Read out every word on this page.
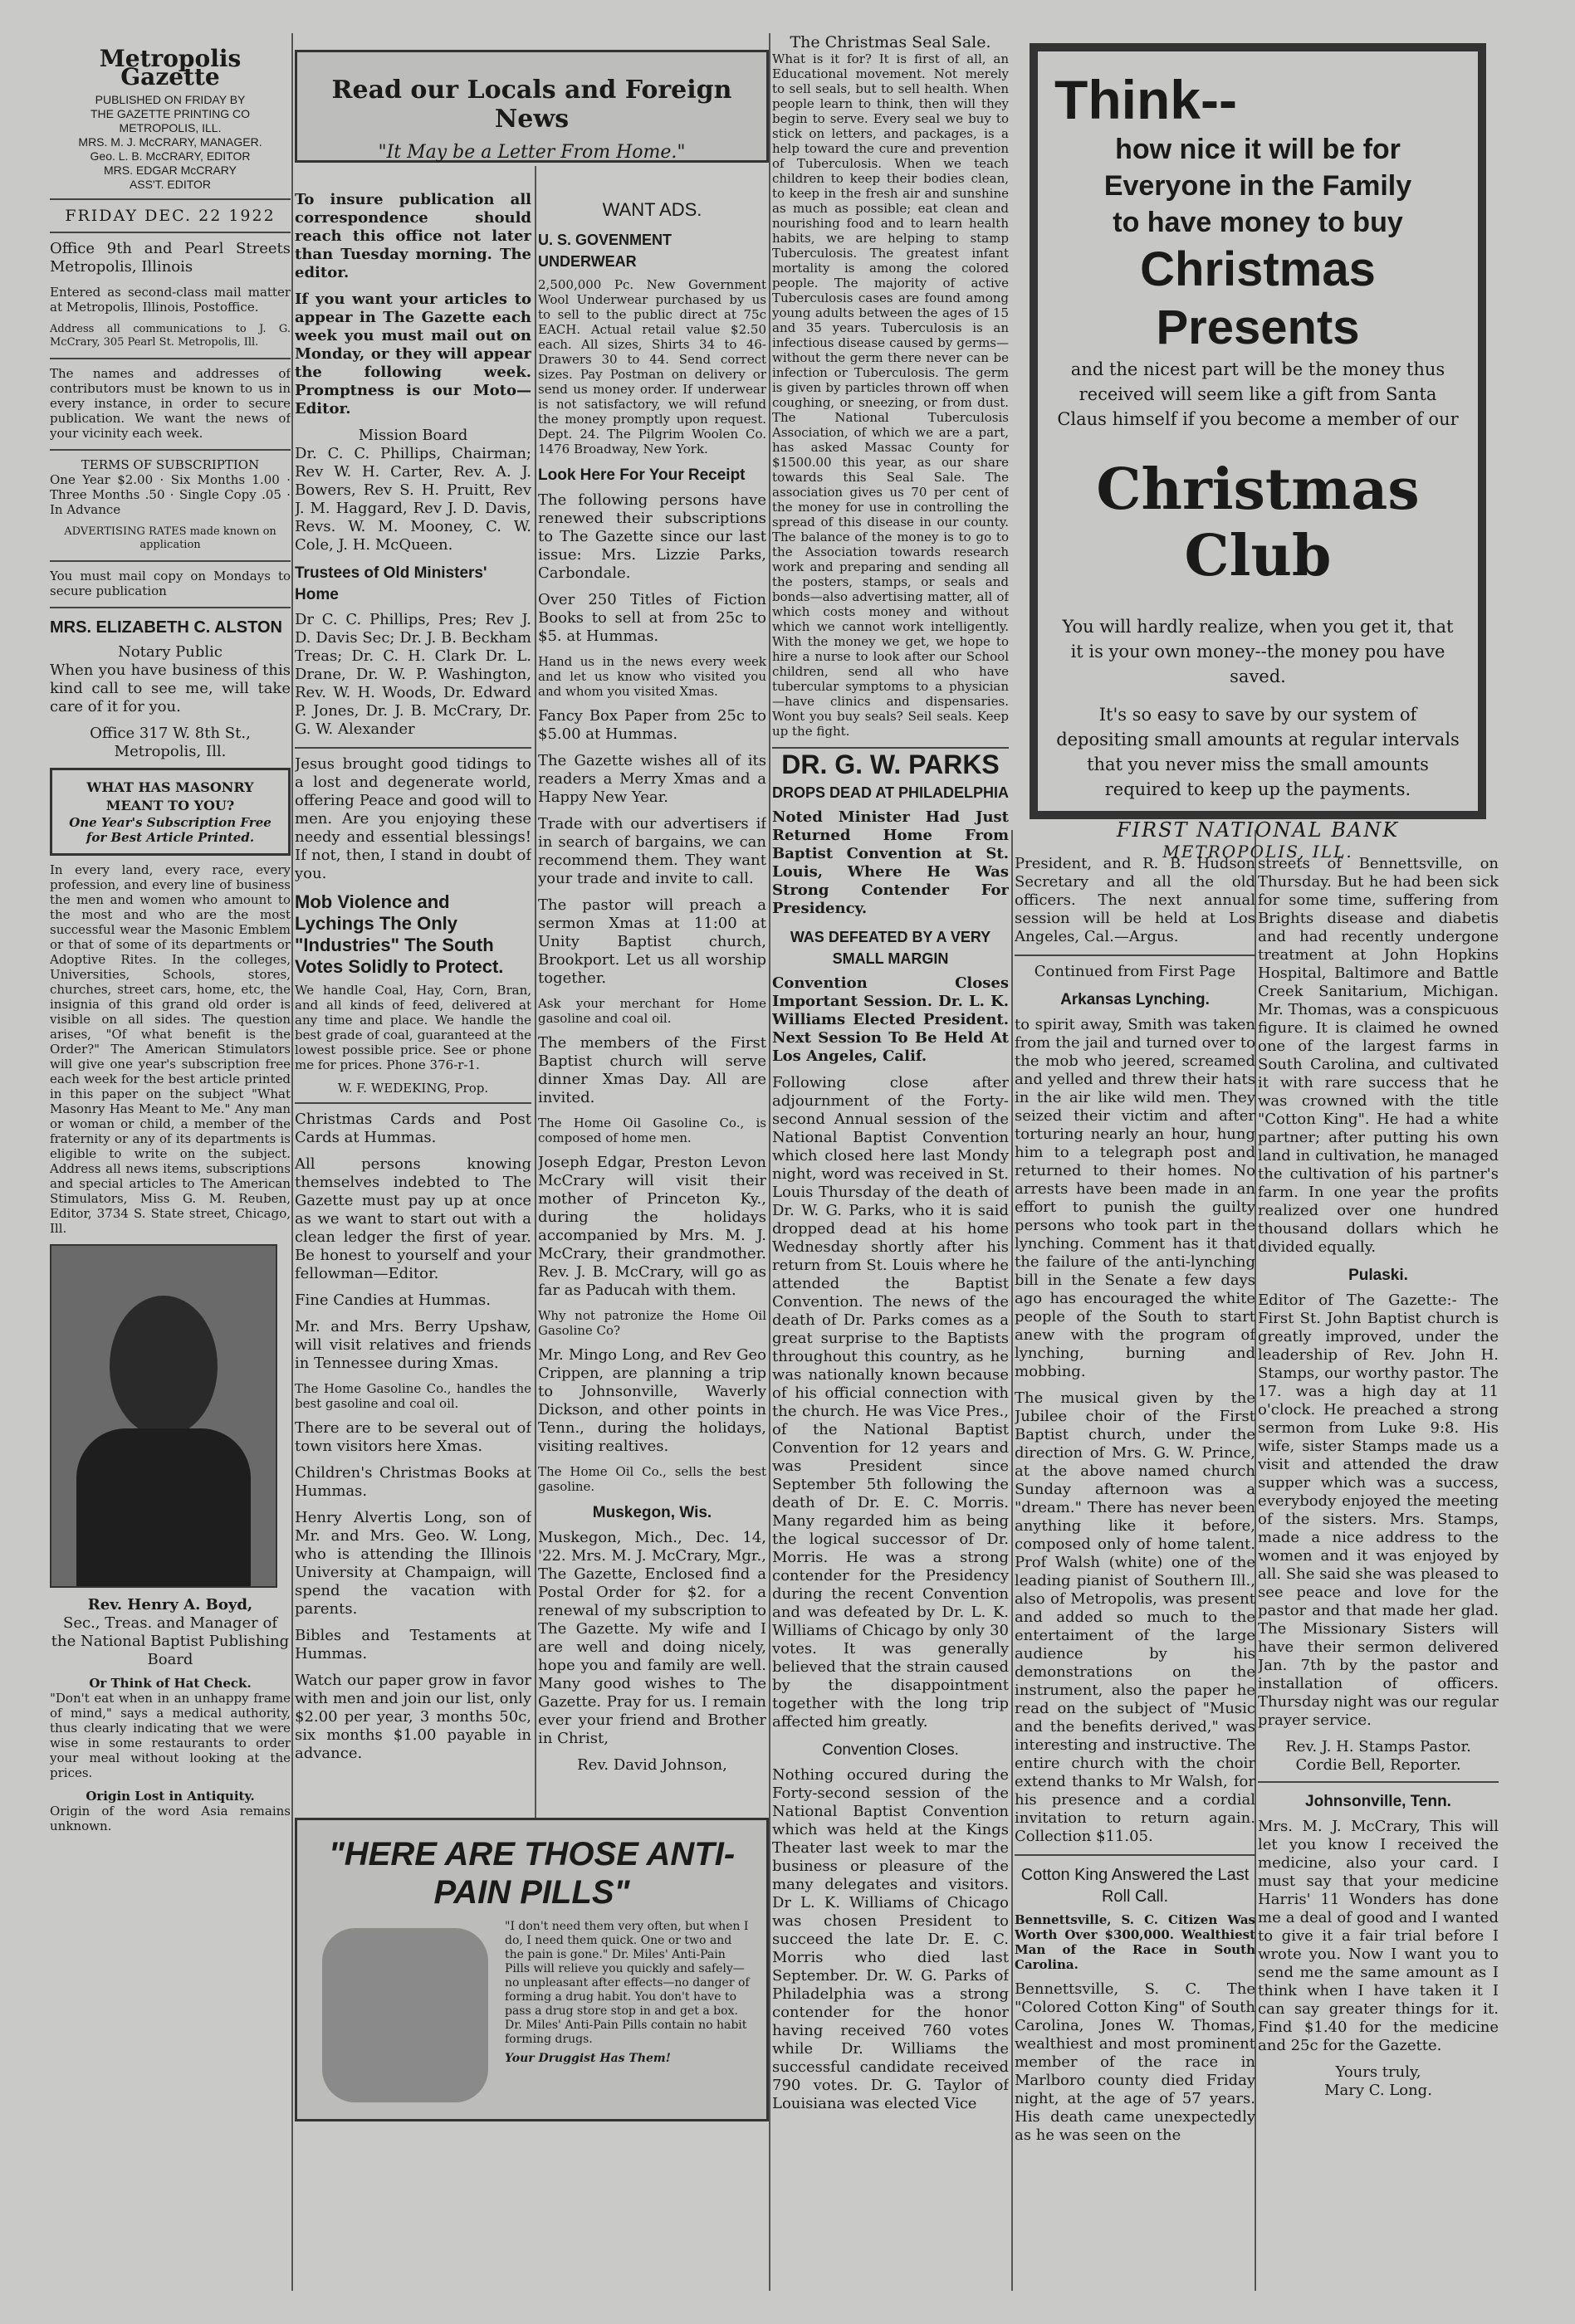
Metropolis Gazette
PUBLISHED ON FRIDAY BY
THE GAZETTE PRINTING CO
METROPOLIS, ILL.
MRS. M. J. McCRARY, MANAGER.
Geo. L. B. McCRARY, EDITOR
MRS. EDGAR McCRARY
ASS'T. EDITOR
FRIDAY DEC. 22 1922

Office 9th and Pearl Streets Metropolis, Illinois

Entered as second-class mail matter at Metropolis, Illinois, Postoffice.

Address all communications to J. G. McCrary, 305 Pearl St. Metropolis, Ill.

The names and addresses of contributors must be known to us in every instance, in order to secure publication. We want the news of your vicinity each week.

TERMS OF SUBSCRIPTION

One Year $2.00 · Six Months 1.00 · Three Months .50 · Single Copy .05 · In Advance

ADVERTISING RATES made known on application

You must mail copy on Mondays to secure publication

MRS. ELIZABETH C. ALSTON
Notary Public

When you have business of this kind call to see me, will take care of it for you.

Office 317 W. 8th St.,
Metropolis, Ill.
WHAT HAS MASONRY MEANT TO YOU?
One Year's Subscription Free for Best Article Printed.

In every land, every race, every profession, and every line of business the men and women who amount to the most and who are the most successful wear the Masonic Emblem or that of some of its departments or Adoptive Rites. In the colleges, Universities, Schools, stores, churches, street cars, home, etc, the insignia of this grand old order is visible on all sides. The question arises, "Of what benefit is the Order?" The American Stimulators will give one year's subscription free each week for the best article printed in this paper on the subject "What Masonry Has Meant to Me." Any man or woman or child, a member of the fraternity or any of its departments is eligible to write on the subject. Address all news items, subscriptions and special articles to The American Stimulators, Miss G. M. Reuben, Editor, 3734 S. State street, Chicago, Ill.

Rev. Henry A. Boyd,
Sec., Treas. and Manager of the National Baptist Publishing Board
Or Think of Hat Check.

"Don't eat when in an unhappy frame of mind," says a medical authority, thus clearly indicating that we were wise in some restaurants to order your meal without looking at the prices.

Origin Lost in Antiquity.

Origin of the word Asia remains unknown.

Read our Locals and Foreign News
"It May be a Letter From Home."

To insure publication all correspondence should reach this office not later than Tuesday morning. The editor.

If you want your articles to appear in The Gazette each week you must mail out on Monday, or they will appear the following week. Promptness is our Moto—Editor.

Mission Board

Dr. C. C. Phillips, Chairman; Rev W. H. Carter, Rev. A. J. Bowers, Rev S. H. Pruitt, Rev J. M. Haggard, Rev J. D. Davis, Revs. W. M. Mooney, C. W. Cole, J. H. McQueen.

Trustees of Old Ministers' Home

Dr C. C. Phillips, Pres; Rev J. D. Davis Sec; Dr. J. B. Beckham Treas; Dr. C. H. Clark Dr. L. Drane, Dr. W. P. Washington, Rev. W. H. Woods, Dr. Edward P. Jones, Dr. J. B. McCrary, Dr. G. W. Alexander

Jesus brought good tidings to a lost and degenerate world, offering Peace and good will to men. Are you enjoying these needy and essential blessings! If not, then, I stand in doubt of you.

Mob Violence and Lychings The Only "Industries" The South Votes Solidly to Protect.

We handle Coal, Hay, Corn, Bran, and all kinds of feed, delivered at any time and place. We handle the best grade of coal, guaranteed at the lowest possible price. See or phone me for prices. Phone 376-r-1.

W. F. WEDEKING, Prop.

Christmas Cards and Post Cards at Hummas.

All persons knowing themselves indebted to The Gazette must pay up at once as we want to start out with a clean ledger the first of year. Be honest to yourself and your fellowman—Editor.

Fine Candies at Hummas.

Mr. and Mrs. Berry Upshaw, will visit relatives and friends in Tennessee during Xmas.

The Home Gasoline Co., handles the best gasoline and coal oil.

There are to be several out of town visitors here Xmas.

Children's Christmas Books at Hummas.

Henry Alvertis Long, son of Mr. and Mrs. Geo. W. Long, who is attending the Illinois University at Champaign, will spend the vacation with parents.

Bibles and Testaments at Hummas.

Watch our paper grow in favor with men and join our list, only $2.00 per year, 3 months 50c, six months $1.00 payable in advance.

WANT ADS.
U. S. GOVENMENT UNDERWEAR

2,500,000 Pc. New Government Wool Underwear purchased by us to sell to the public direct at 75c EACH. Actual retail value $2.50 each. All sizes, Shirts 34 to 46-Drawers 30 to 44. Send correct sizes. Pay Postman on delivery or send us money order. If underwear is not satisfactory, we will refund the money promptly upon request. Dept. 24. The Pilgrim Woolen Co. 1476 Broadway, New York.

Look Here For Your Receipt

The following persons have renewed their subscriptions to The Gazette since our last issue: Mrs. Lizzie Parks, Carbondale.

Over 250 Titles of Fiction Books to sell at from 25c to $5. at Hummas.

Hand us in the news every week and let us know who visited you and whom you visited Xmas.

Fancy Box Paper from 25c to $5.00 at Hummas.

The Gazette wishes all of its readers a Merry Xmas and a Happy New Year.

Trade with our advertisers if in search of bargains, we can recommend them. They want your trade and invite to call.

The pastor will preach a sermon Xmas at 11:00 at Unity Baptist church, Brookport. Let us all worship together.

Ask your merchant for Home gasoline and coal oil.

The members of the First Baptist church will serve dinner Xmas Day. All are invited.

The Home Oil Gasoline Co., is composed of home men.

Joseph Edgar, Preston Levon McCrary will visit their mother of Princeton Ky., during the holidays accompanied by Mrs. M. J. McCrary, their grandmother. Rev. J. B. McCrary, will go as far as Paducah with them.

Why not patronize the Home Oil Gasoline Co?

Mr. Mingo Long, and Rev Geo Crippen, are planning a trip to Johnsonville, Waverly Dickson, and other points in Tenn., during the holidays, visiting realtives.

The Home Oil Co., sells the best gasoline.

Muskegon, Wis.

Muskegon, Mich., Dec. 14, '22. Mrs. M. J. McCrary, Mgr., The Gazette, Enclosed find a Postal Order for $2. for a renewal of my subscription to The Gazette. My wife and I are well and doing nicely, hope you and family are well. Many good wishes to The Gazette. Pray for us. I remain ever your friend and Brother in Christ,

Rev. David Johnson,
"HERE ARE THOSE ANTI-PAIN PILLS"
"I don't need them very often, but when I do, I need them quick. One or two and the pain is gone." Dr. Miles' Anti-Pain Pills will relieve you quickly and safely—no unpleasant after effects—no danger of forming a drug habit. You don't have to pass a drug store stop in and get a box. Dr. Miles' Anti-Pain Pills contain no habit forming drugs.
Your Druggist Has Them!
The Christmas Seal Sale.

What is it for? It is first of all, an Educational movement. Not merely to sell seals, but to sell health. When people learn to think, then will they begin to serve. Every seal we buy to stick on letters, and packages, is a help toward the cure and prevention of Tuberculosis. When we teach children to keep their bodies clean, to keep in the fresh air and sunshine as much as possible; eat clean and nourishing food and to learn health habits, we are helping to stamp Tuberculosis. The greatest infant mortality is among the colored people. The majority of active Tuberculosis cases are found among young adults between the ages of 15 and 35 years. Tuberculosis is an infectious disease caused by germs—without the germ there never can be infection or Tuberculosis. The germ is given by particles thrown off when coughing, or sneezing, or from dust. The National Tuberculosis Association, of which we are a part, has asked Massac County for $1500.00 this year, as our share towards this Seal Sale. The association gives us 70 per cent of the money for use in controlling the spread of this disease in our county. The balance of the money is to go to the Association towards research work and preparing and sending all the posters, stamps, or seals and bonds—also advertising matter, all of which costs money and without which we cannot work intelligently. With the money we get, we hope to hire a nurse to look after our School children, send all who have tubercular symptoms to a physician—have clinics and dispensaries. Wont you buy seals? Seil seals. Keep up the fight.

DR. G. W. PARKS
DROPS DEAD AT PHILADELPHIA

Noted Minister Had Just Returned Home From Baptist Convention at St. Louis, Where He Was Strong Contender For Presidency.

WAS DEFEATED BY A VERY SMALL MARGIN

Convention Closes Important Session. Dr. L. K. Williams Elected President. Next Session To Be Held At Los Angeles, Calif.

Following close after adjournment of the Forty-second Annual session of the National Baptist Convention which closed here last Mondy night, word was received in St. Louis Thursday of the death of Dr. W. G. Parks, who it is said dropped dead at his home Wednesday shortly after his return from St. Louis where he attended the Baptist Convention. The news of the death of Dr. Parks comes as a great surprise to the Baptists throughout this country, as he was nationally known because of his official connection with the church. He was Vice Pres., of the National Baptist Convention for 12 years and was President since September 5th following the death of Dr. E. C. Morris. Many regarded him as being the logical successor of Dr. Morris. He was a strong contender for the Presidency during the recent Convention and was defeated by Dr. L. K. Williams of Chicago by only 30 votes. It was generally believed that the strain caused by the disappointment together with the long trip affected him greatly.

Convention Closes.

Nothing occured during the Forty-second session of the National Baptist Convention which was held at the Kings Theater last week to mar the business or pleasure of the many delegates and visitors. Dr L. K. Williams of Chicago was chosen President to succeed the late Dr. E. C. Morris who died last September. Dr. W. G. Parks of Philadelphia was a strong contender for the honor having received 760 votes while Dr. Williams the successful candidate received 790 votes. Dr. G. Taylor of Louisiana was elected Vice

Think--
how nice it will be for
Everyone in the Family
to have money to buy
Christmas
Presents
and the nicest part will be the money thus received will seem like a gift from Santa Claus himself if you become a member of our
Christmas Club
You will hardly realize, when you get it, that it is your own money--the money pou have saved.
It's so easy to save by our system of depositing small amounts at regular intervals that you never miss the small amounts required to keep up the payments.
FIRST NATIONAL BANK
METROPOLIS, ILL.

President, and R. B. Hudson Secretary and all the old officers. The next annual session will be held at Los Angeles, Cal.—Argus.

Continued from First Page
Arkansas Lynching.

to spirit away, Smith was taken from the jail and turned over to the mob who jeered, screamed and yelled and threw their hats in the air like wild men. They seized their victim and after torturing nearly an hour, hung him to a telegraph post and returned to their homes. No arrests have been made in an effort to punish the guilty persons who took part in the lynching. Comment has it that the failure of the anti-lynching bill in the Senate a few days ago has encouraged the white people of the South to start anew with the program of lynching, burning and mobbing.

The musical given by the Jubilee choir of the First Baptist church, under the direction of Mrs. G. W. Prince, at the above named church Sunday afternoon was a "dream." There has never been anything like it before, composed only of home talent. Prof Walsh (white) one of the leading pianist of Southern Ill., also of Metropolis, was present and added so much to the entertaiment of the large audience by his demonstrations on the instrument, also the paper he read on the subject of "Music and the benefits derived," was interesting and instructive. The entire church with the choir extend thanks to Mr Walsh, for his presence and a cordial invitation to return again. Collection $11.05.

Cotton King Answered the Last Roll Call.

Bennettsville, S. C. Citizen Was Worth Over $300,000. Wealthiest Man of the Race in South Carolina.

Bennettsville, S. C. The "Colored Cotton King" of South Carolina, Jones W. Thomas, wealthiest and most prominent member of the race in Marlboro county died Friday night, at the age of 57 years. His death came unexpectedly as he was seen on the

streets of Bennettsville, on Thursday. But he had been sick for some time, suffering from Brights disease and diabetis and had recently undergone treatment at John Hopkins Hospital, Baltimore and Battle Creek Sanitarium, Michigan. Mr. Thomas, was a conspicuous figure. It is claimed he owned one of the largest farms in South Carolina, and cultivated it with rare success that he was crowned with the title "Cotton King". He had a white partner; after putting his own land in cultivation, he managed the cultivation of his partner's farm. In one year the profits realized over one hundred thousand dollars which he divided equally.

Pulaski.

Editor of The Gazette:- The First St. John Baptist church is greatly improved, under the leadership of Rev. John H. Stamps, our worthy pastor. The 17. was a high day at 11 o'clock. He preached a strong sermon from Luke 9:8. His wife, sister Stamps made us a visit and attended the draw supper which was a success, everybody enjoyed the meeting of the sisters. Mrs. Stamps, made a nice address to the women and it was enjoyed by all. She said she was pleased to see peace and love for the pastor and that made her glad. The Missionary Sisters will have their sermon delivered Jan. 7th by the pastor and installation of officers. Thursday night was our regular prayer service.

Rev. J. H. Stamps Pastor.
Cordie Bell, Reporter.
Johnsonville, Tenn.

Mrs. M. J. McCrary, This will let you know I received the medicine, also your card. I must say that your medicine Harris' 11 Wonders has done me a deal of good and I wanted to give it a fair trial before I wrote you. Now I want you to send me the same amount as I think when I have taken it I can say greater things for it. Find $1.40 for the medicine and 25c for the Gazette.

Yours truly,
Mary C. Long.
